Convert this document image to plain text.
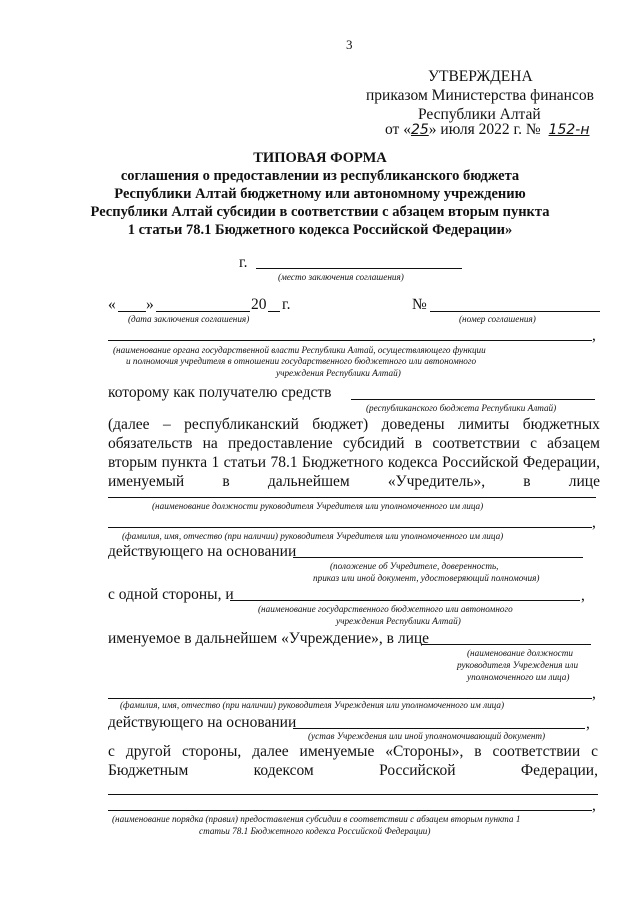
3
УТВЕРЖДЕНА
приказом Министерства финансов
Республики Алтай
от «25» июля 2022 г. № 152-н
ТИПОВАЯ ФОРМА
соглашения о предоставлении из республиканского бюджета
Республики Алтай бюджетному или автономному учреждению
Республики Алтай субсидии в соответствии с абзацем вторым пункта
1 статьи 78.1 Бюджетного кодекса Российской Федерации»
г.
(место заключения соглашения)
« »	20 г.
(дата заключения соглашения)
№
(номер соглашения)
,
(наименование органа государственной власти Республики Алтай, осуществляющего функции
и полномочия учредителя в отношении государственного бюджетного или автономного
учреждения Республики Алтай)
которому как получателю средств
(республиканского бюджета Республики Алтай)
(далее – республиканский бюджет) доведены лимиты бюджетных
обязательств на предоставление субсидий в соответствии с абзацем
вторым пункта 1 статьи 78.1 Бюджетного кодекса Российской Федерации,
именуемый в дальнейшем «Учредитель», в лице
(наименование должности руководителя Учредителя или уполномоченного им лица)
,
(фамилия, имя, отчество (при наличии) руководителя Учредителя или уполномоченного им лица)
действующего на основании
(положение об Учредителе, доверенность,
приказ или иной документ, удостоверяющий полномочия)
с одной стороны, и	,
(наименование государственного бюджетного или автономного
учреждения Республики Алтай)
именуемое в дальнейшем «Учреждение», в лице
(наименование должности
руководителя Учреждения или
уполномоченного им лица)
,
(фамилия, имя, отчество (при наличии) руководителя Учреждения или уполномоченного им лица)
действующего на основании	,
(устав Учреждения или иной уполномочивающий документ)
с другой стороны, далее именуемые «Стороны», в соответствии с
Бюджетным	кодексом	Российской	Федерации,
,
(наименование порядка (правил) предоставления субсидии в соответствии с абзацем вторым пункта 1
статьи 78.1 Бюджетного кодекса Российской Федерации)
